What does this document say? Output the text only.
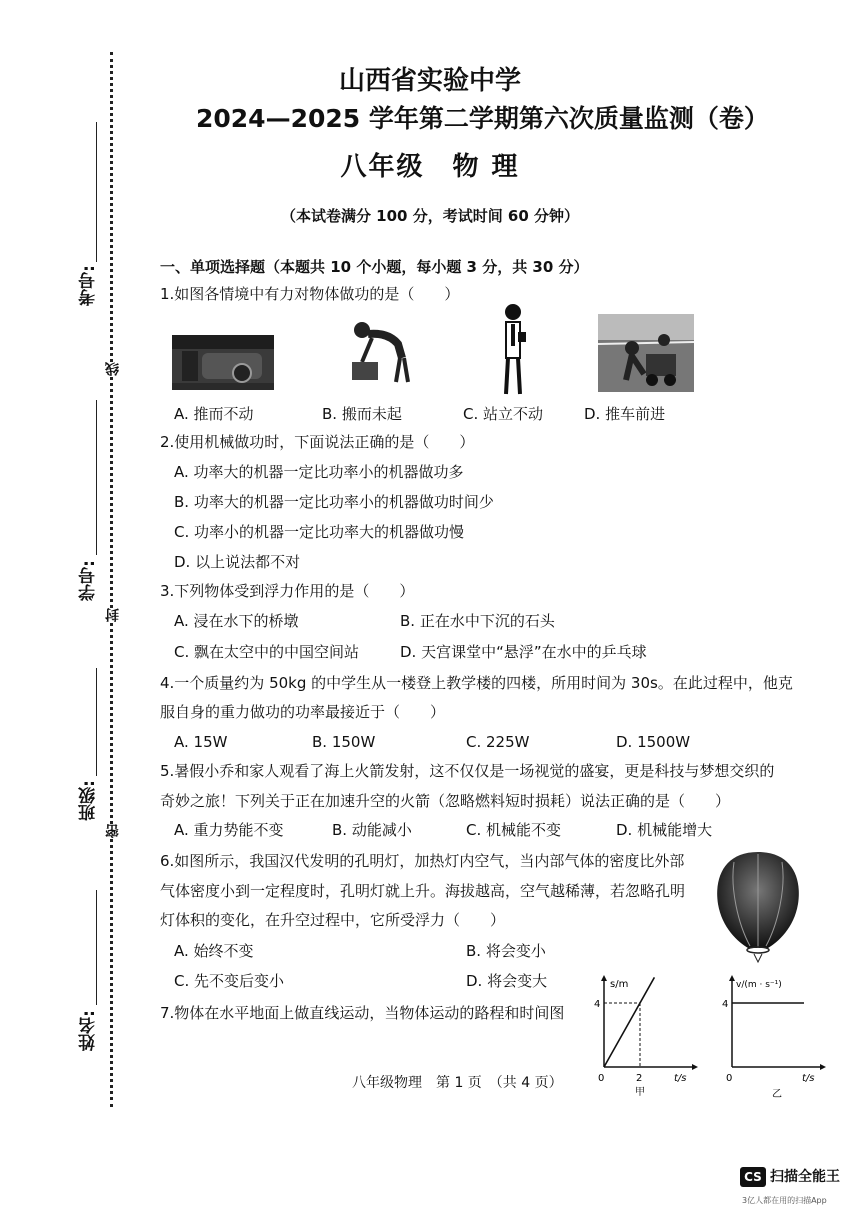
考号:
学号:
班级:
姓名:
线
封
密
山西省实验中学
2024—2025 学年第二学期第六次质量监测（卷）
八年级　物 理
（本试卷满分 100 分，考试时间 60 分钟）
一、单项选择题（本题共 10 个小题，每小题 3 分，共 30 分）
1.如图各情境中有力对物体做功的是（　　）
A. 推而不动	B. 搬而未起	C. 站立不动	D. 推车前进
2.使用机械做功时，下面说法正确的是（　　）
A. 功率大的机器一定比功率小的机器做功多
B. 功率大的机器一定比功率小的机器做功时间少
C. 功率小的机器一定比功率大的机器做功慢
D. 以上说法都不对
3.下列物体受到浮力作用的是（　　）
A. 浸在水下的桥墩	B. 正在水中下沉的石头
C. 飘在太空中的中国空间站	D. 天宫课堂中“悬浮”在水中的乒乓球
4.一个质量约为 50kg 的中学生从一楼登上教学楼的四楼，所用时间为 30s。在此过程中，他克
服自身的重力做功的功率最接近于（　　）
A. 15W	B. 150W	C. 225W	D. 1500W
5.暑假小乔和家人观看了海上火箭发射，这不仅仅是一场视觉的盛宴，更是科技与梦想交织的
奇妙之旅！下列关于正在加速升空的火箭（忽略燃料短时损耗）说法正确的是（　　）
A. 重力势能不变	B. 动能减小	C. 机械能不变	D. 机械能增大
6.如图所示，我国汉代发明的孔明灯，加热灯内空气，当内部气体的密度比外部
气体密度小到一定程度时，孔明灯就上升。海拔越高，空气越稀薄，若忽略孔明
灯体积的变化，在升空过程中，它所受浮力（　　）
A. 始终不变	B. 将会变小
C. 先不变后变小	D. 将会变大
7.物体在水平地面上做直线运动，当物体运动的路程和时间图
s/m
4
0	2	t/s
甲
v/(m · s⁻¹)
4
0	t/s
乙
八年级物理　第 1 页　（共 4 页）
CS 扫描全能王
3亿人都在用的扫描App
